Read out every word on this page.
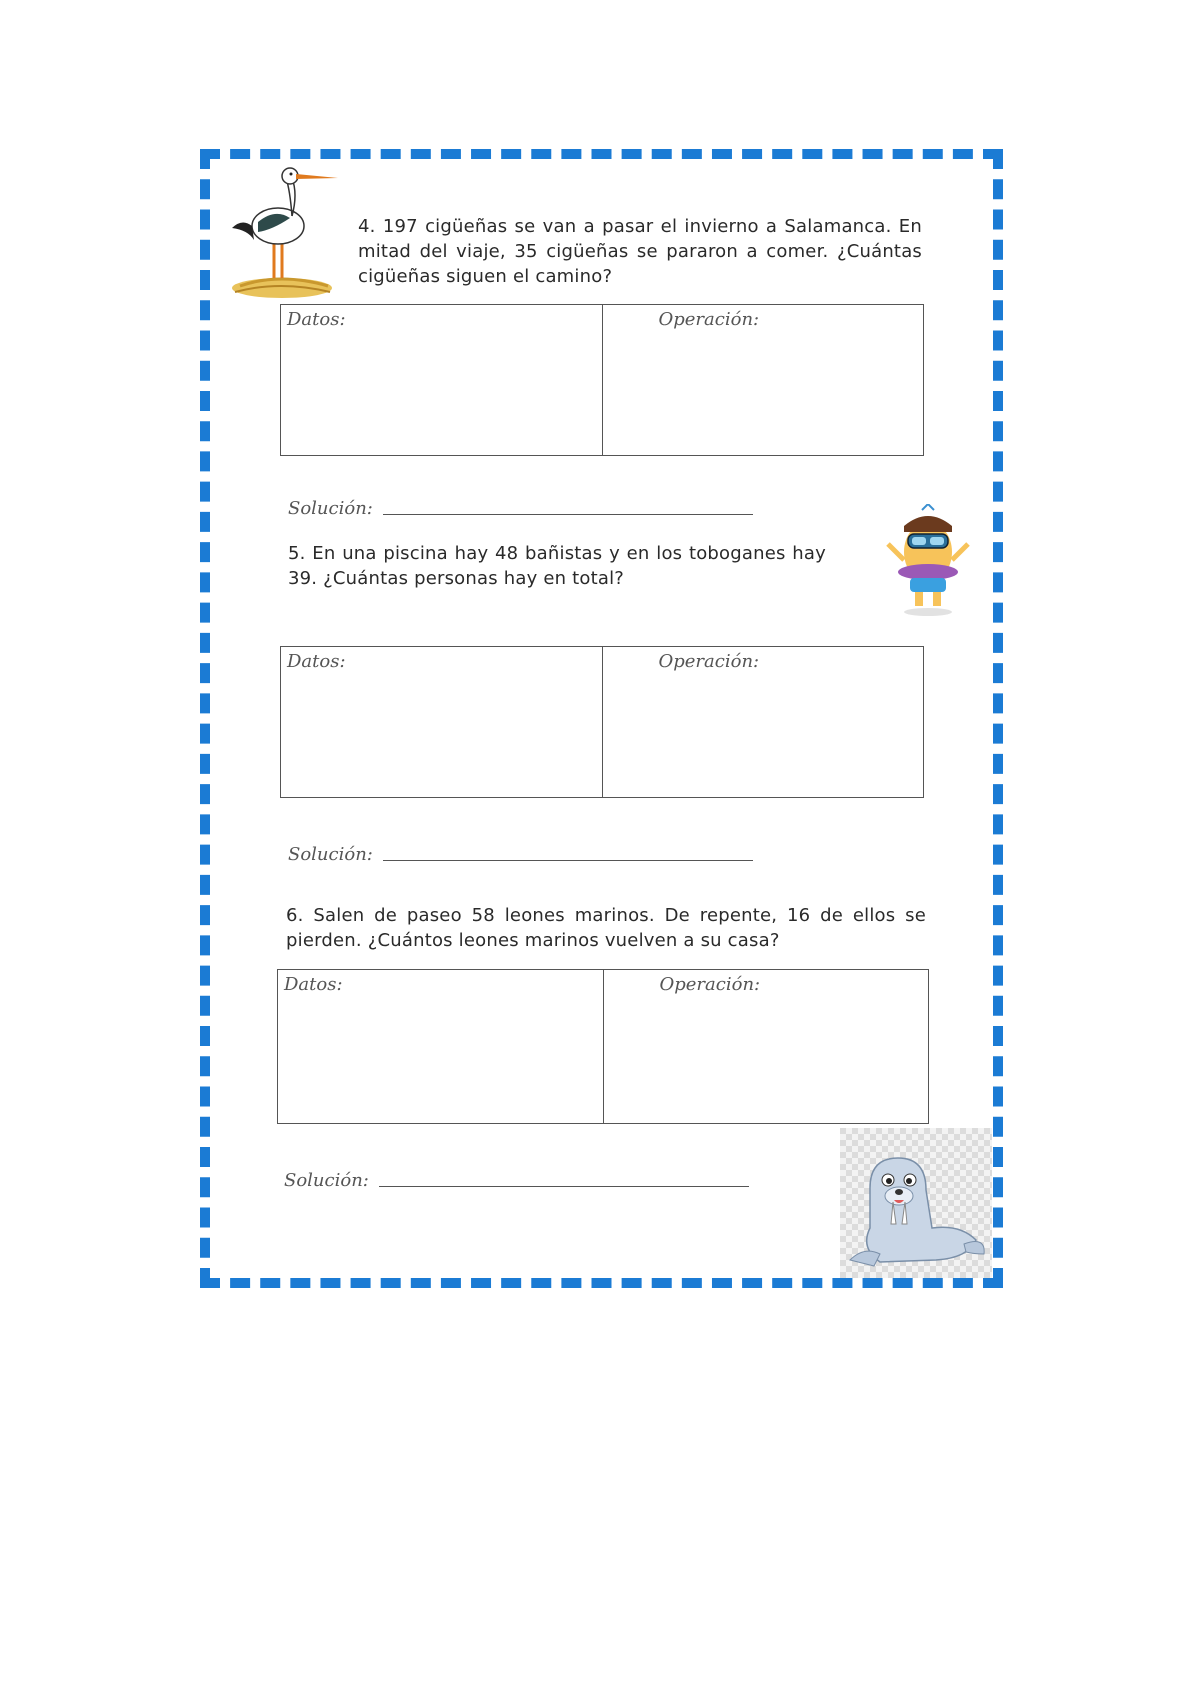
4. 197 cigüeñas se van a pasar el invierno a Salamanca. En mitad del viaje, 35 cigüeñas se pararon a comer. ¿Cuántas cigüeñas siguen el camino?

Datos:	Operación:
Solución:

5. En una piscina hay 48 bañistas y en los toboganes hay 39. ¿Cuántas personas hay en total?

Datos:	Operación:
Solución:

6. Salen de paseo 58 leones marinos. De repente, 16 de ellos se pierden. ¿Cuántos leones marinos vuelven a su casa?

Datos:	Operación:
Solución:
